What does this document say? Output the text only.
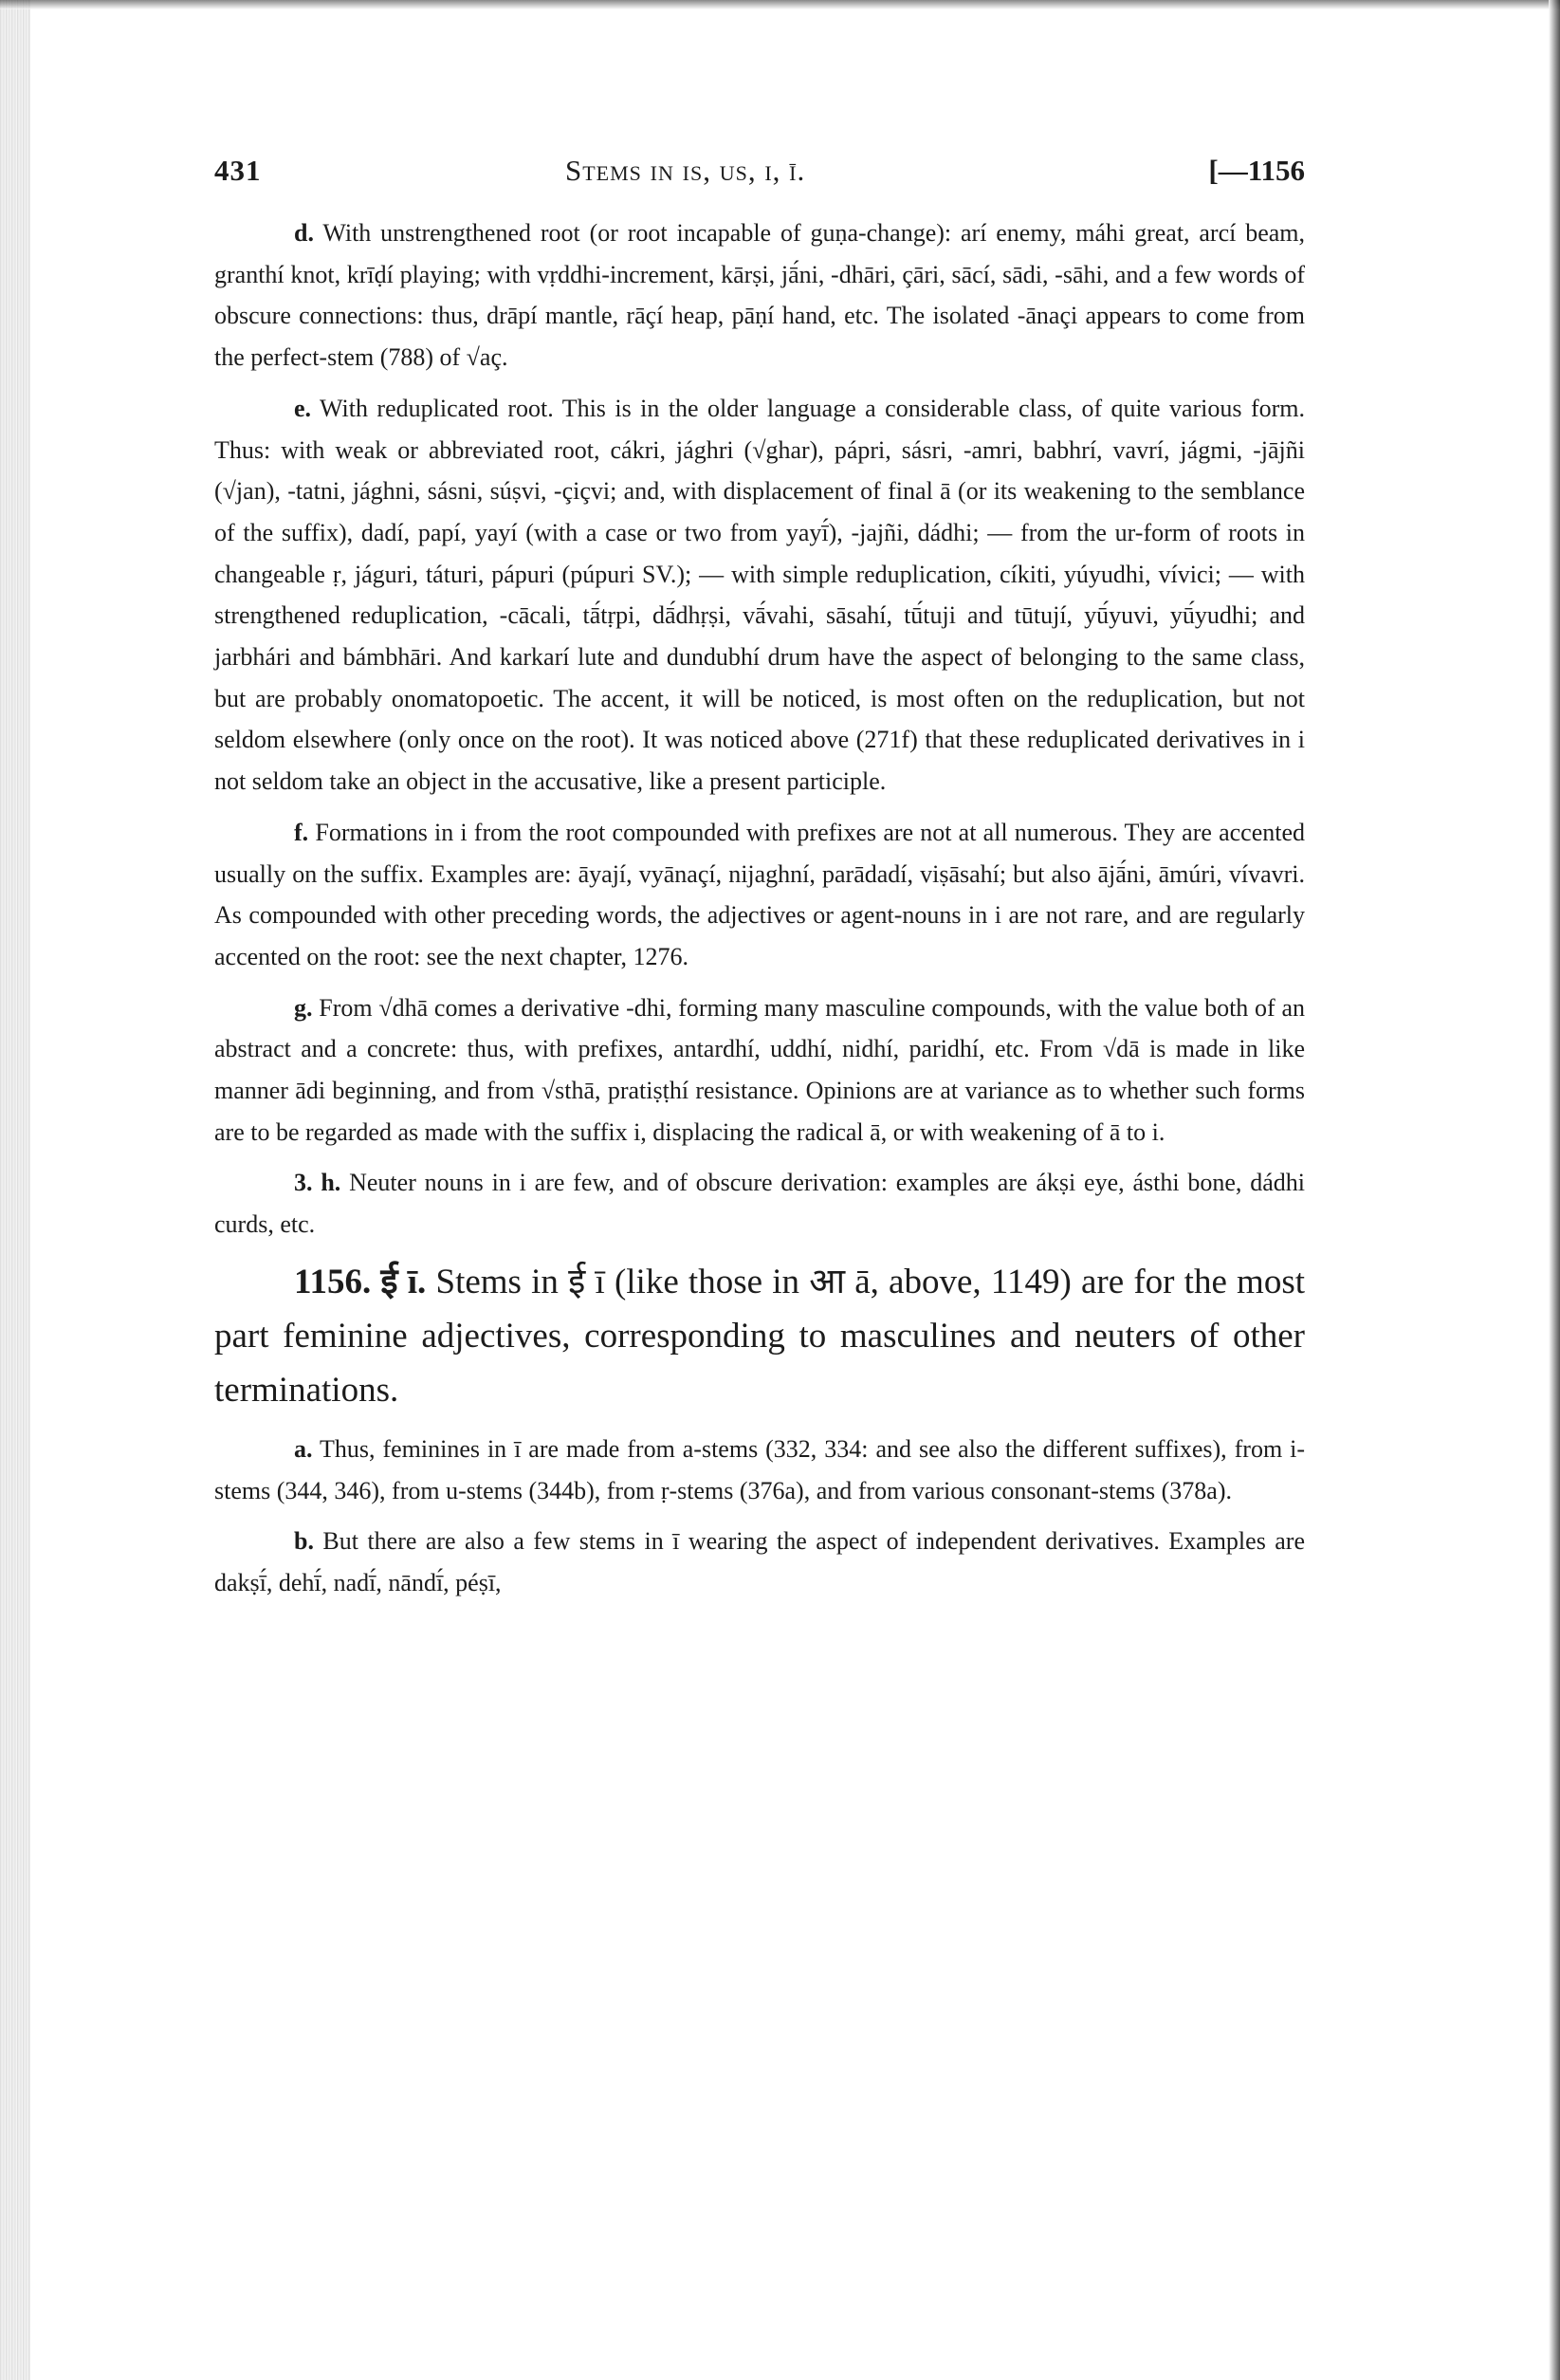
431	Stems in is, us, i, ī.	[—1156

d. With unstrengthened root (or root incapable of guṇa-change): arí enemy, máhi great, arcí beam, granthí knot, krīḍí playing; with vṛddhi-increment, kārṣi, jā́ni, -dhāri, çāri, sācí, sādi, -sāhi, and a few words of obscure connections: thus, drāpí mantle, rāçí heap, pāṇí hand, etc. The isolated -ānaçi appears to come from the perfect-stem (788) of √aç.

e. With reduplicated root. This is in the older language a considerable class, of quite various form. Thus: with weak or abbreviated root, cákri, jághri (√ghar), pápri, sásri, -amri, babhrí, vavrí, jágmi, -jājñi (√jan), -tatni, jághni, sásni, súṣvi, -çiçvi; and, with displacement of final ā (or its weakening to the semblance of the suffix), dadí, papí, yayí (with a case or two from yayī́), -jajñi, dádhi; — from the ur-form of roots in changeable ṛ, jáguri, táturi, pápuri (púpuri SV.); — with simple reduplication, cíkiti, yúyudhi, vívici; — with strengthened reduplication, -cācali, tā́tṛpi, dā́dhṛṣi, vā́vahi, sāsahí, tū́tuji and tūtují, yū́yuvi, yū́yudhi; and jarbhári and bámbhāri. And karkarí lute and dundubhí drum have the aspect of belonging to the same class, but are probably onomatopoetic. The accent, it will be noticed, is most often on the reduplication, but not seldom elsewhere (only once on the root). It was noticed above (271f) that these reduplicated derivatives in i not seldom take an object in the accusative, like a present participle.

f. Formations in i from the root compounded with prefixes are not at all numerous. They are accented usually on the suffix. Examples are: āyají, vyānaçí, nijaghní, parādadí, viṣāsahí; but also ājā́ni, āmúri, vívavri. As compounded with other preceding words, the adjectives or agent-nouns in i are not rare, and are regularly accented on the root: see the next chapter, 1276.

g. From √dhā comes a derivative -dhi, forming many masculine compounds, with the value both of an abstract and a concrete: thus, with prefixes, antardhí, uddhí, nidhí, paridhí, etc. From √dā is made in like manner ādi beginning, and from √sthā, pratiṣṭhí resistance. Opinions are at variance as to whether such forms are to be regarded as made with the suffix i, displacing the radical ā, or with weakening of ā to i.

3. h. Neuter nouns in i are few, and of obscure derivation: examples are ákṣi eye, ásthi bone, dádhi curds, etc.

1156. ई ī. Stems in ई ī (like those in आ ā, above, 1149) are for the most part feminine adjectives, corresponding to masculines and neuters of other terminations.

a. Thus, feminines in ī are made from a-stems (332, 334: and see also the different suffixes), from i-stems (344, 346), from u-stems (344b), from ṛ-stems (376a), and from various consonant-stems (378a).

b. But there are also a few stems in ī wearing the aspect of independent derivatives. Examples are dakṣī́, dehī́, nadī́, nāndī́, péṣī,
